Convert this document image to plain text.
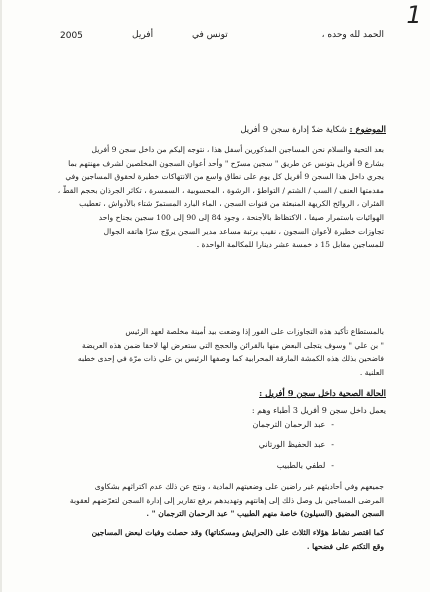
1
2005	أفريل	تونس في	الحمد لله وحده ،
الموضوع : شكاية ضدّ إدارة سجن 9 أفريل
بعد التحية والسلام نحن المساجين المذكورين أسفل هذا ، نتوجه إليكم من داخل سجن 9 أفريل
بشارع 9 أفريل بتونس عن طريق " سجين مسرّح " وأحد أعوان السجون المخلصين لشرف مهنتهم بما
يجري داخل هذا السجن 9 أفريل كل يوم على نطاق واسع من الانتهاكات خطيرة لحقوق المساجين وفي
مقدمتها العنف / السب / الشتم / التواطؤ ، الرشوة ، المحسوبية ، السمسرة ، تكاثر الجرذان بحجم القطّ ،
الفئران ، الروائح الكريهة المنبعثة من قنوات السجن ، الماء البارد المستمرّ شتاء بالأدواش ، تعطيب
الهوائيات باستمرار صيفا ، الاكتظاظ بالأجنحة ، وجود 84 إلى 90 إلى 100 سجين بجناح واحد
تجاوزات خطيرة لأعوان السجون ، نقيب برتبة مساعد مدير السجن يروّج سرّا هاتفه الجوال
للمساجين مقابل 15 د خمسة عشر دينارا للمكالمة الواحدة .
بالمستطاع تأكيد هذه التجاوزات على الفور إذا وضعت بيد أمينة مخلصة لعهد الرئيس
" بن علي " وسوف يتجلى البعض منها بالقرائن والحجج التي ستعرض لها لاحقا ضمن هذه العريضة
فاضحين بذلك هذه الكمشة المارقة المحرابية كما وصفها الرئيس بن علي ذات مرّة في إحدى خطبه
العلنية .
الحالة الصحية داخل سجن 9 أفريل :
يعمل داخل سجن 9 أفريل 3 أطباء وهم :
-عبد الرحمان الترجمان
-عبد الحفيظ الورتاني
-لطفي بالطبيب
جميعهم وفي أحاديثهم غير راضين على وضعيتهم المادية ، ونتج عن ذلك عدم اكتراثهم بشكاوى
المرضى المساجين بل وصل ذلك إلى إهانتهم وتهديدهم برفع تقارير إلى إدارة السجن لتعرّضهم لعقوبة
السجن المضيق (السيلون) خاصة منهم الطبيب " عبد الرحمان الترجمان " .
كما اقتصر نشاط هؤلاء الثلاث على (الحرايش ومسكناتها) وقد حصلت وفيات لبعض المساجين
وقع التكتم على فضحها .
